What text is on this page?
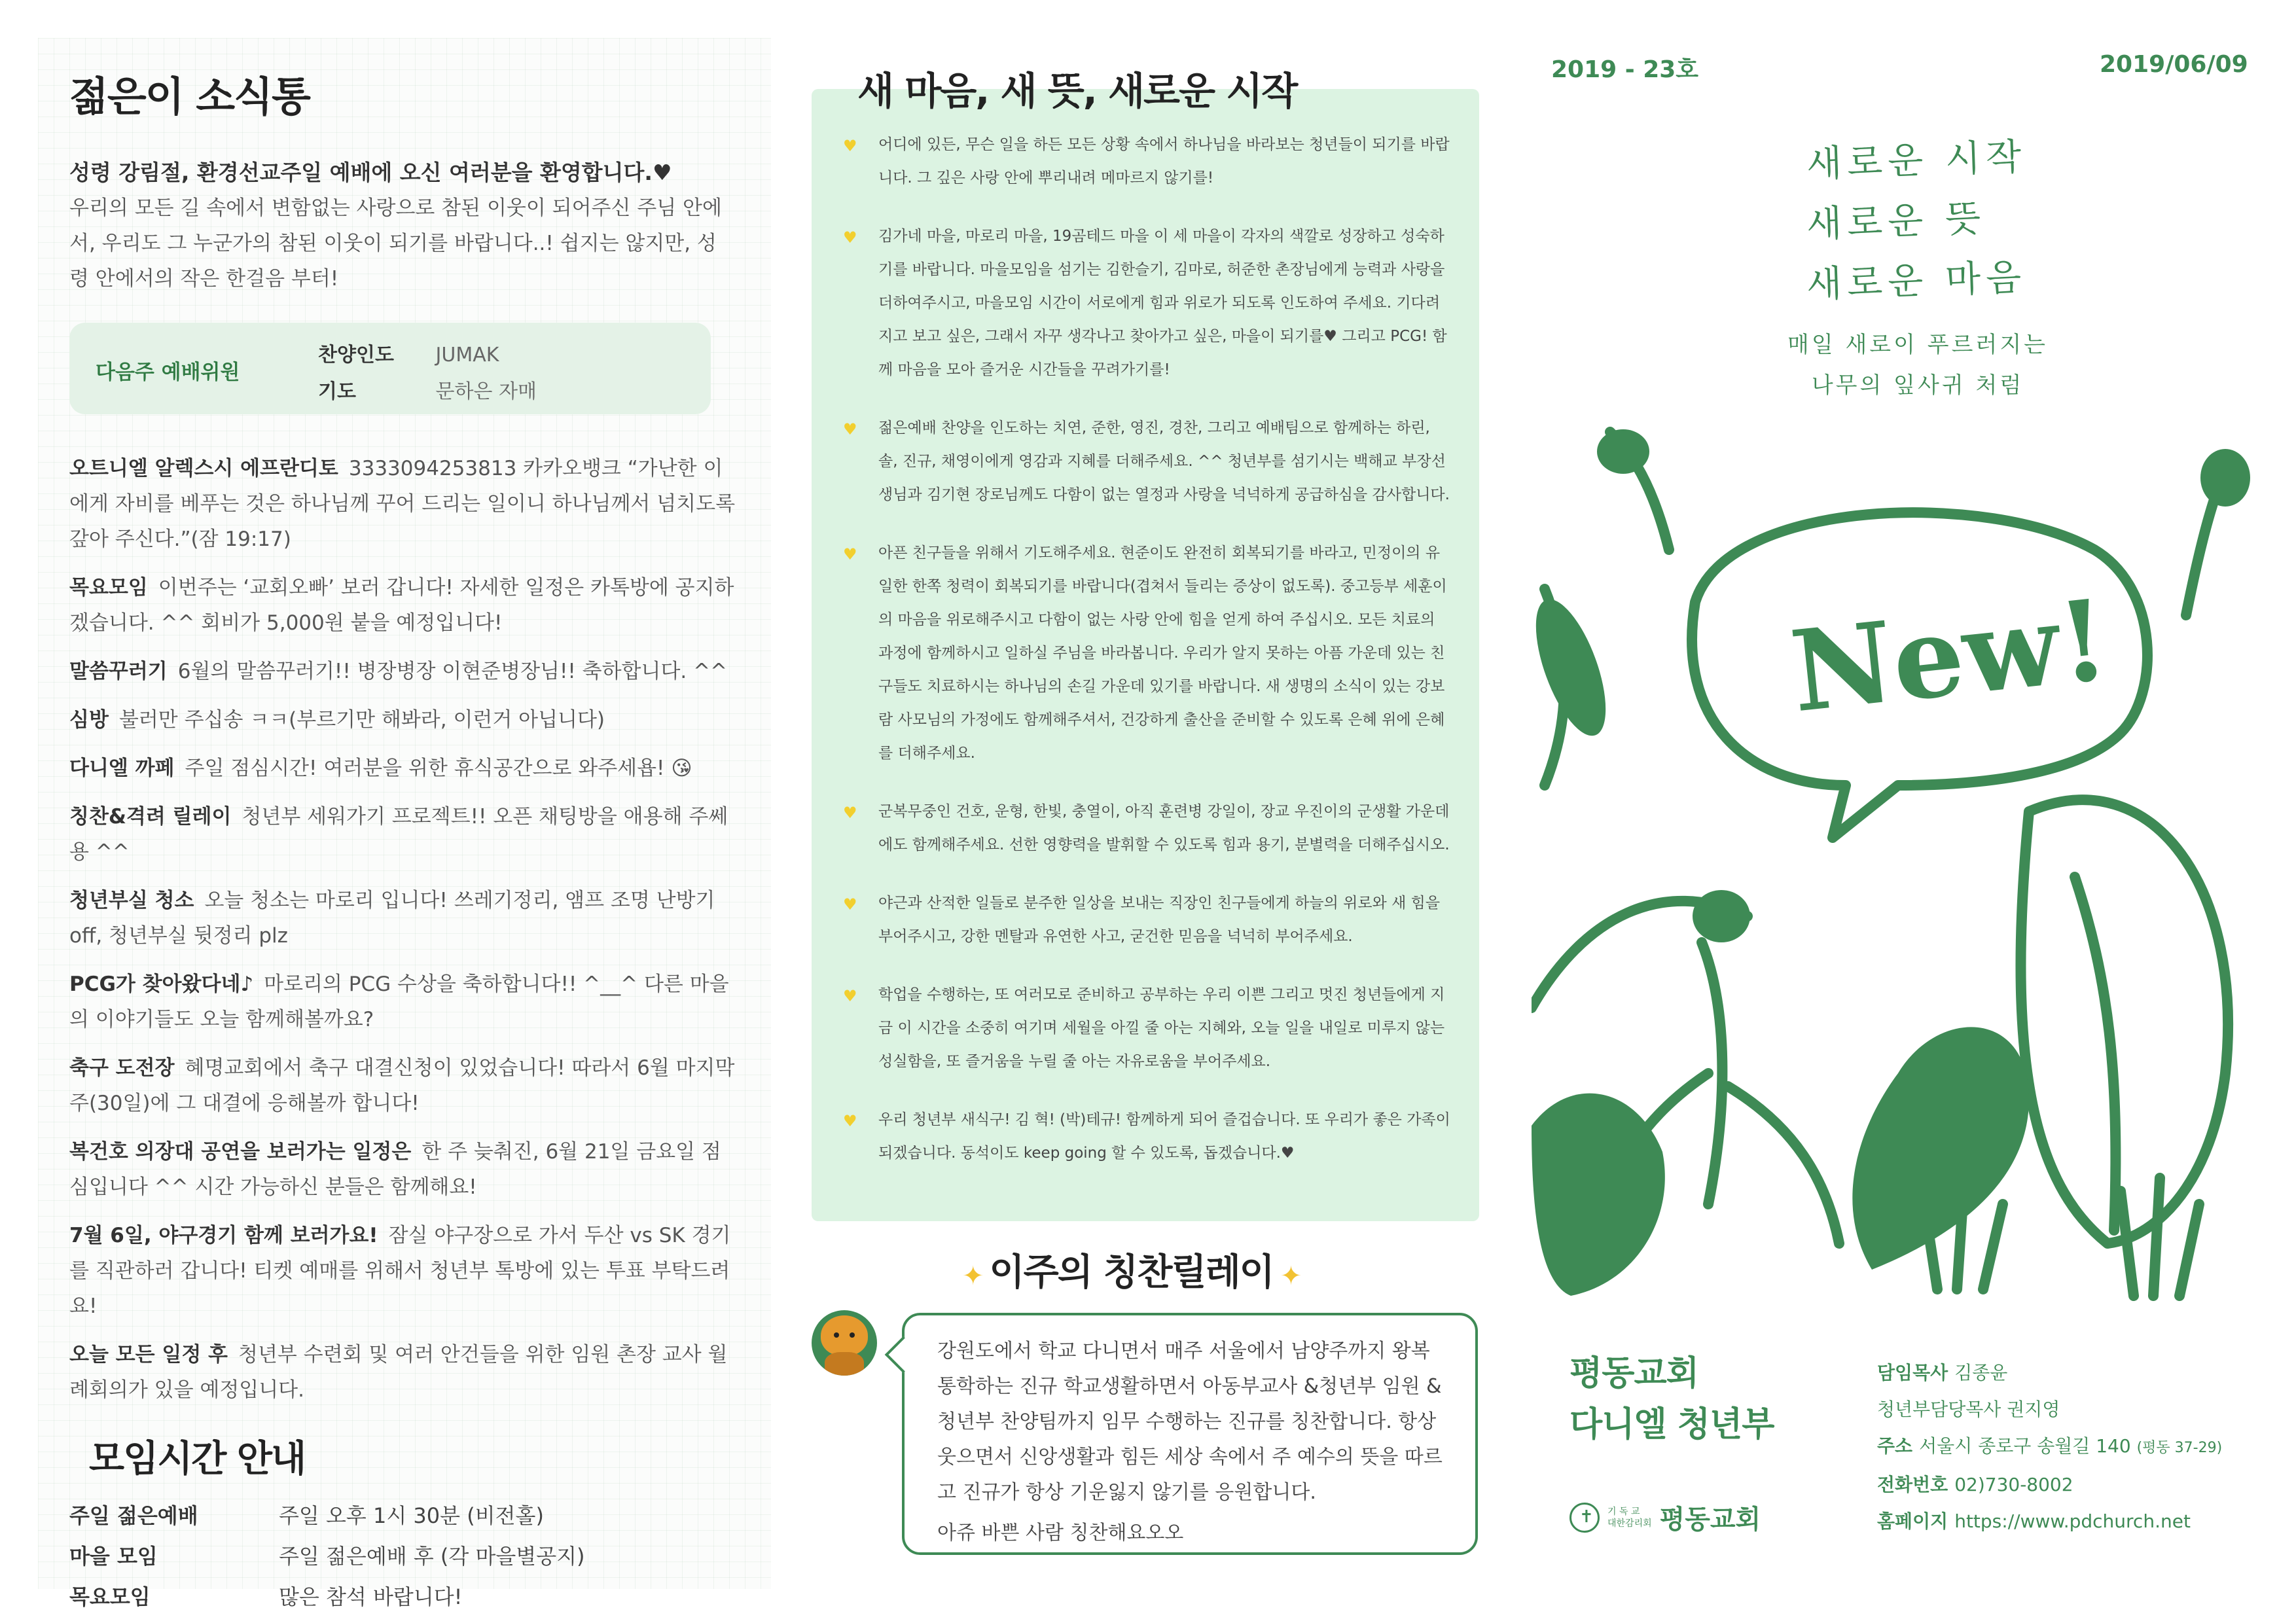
젊은이 소식통
성령 강림절, 환경선교주일 예배에 오신 여러분을 환영합니다.♥
우리의 모든 길 속에서 변함없는 사랑으로 참된 이웃이 되어주신 주님 안에서, 우리도 그 누군가의 참된 이웃이 되기를 바랍니다..! 쉽지는 않지만, 성령 안에서의 작은 한걸음 부터!
다음주 예배위원
찬양인도 JUMAK
기도	문하은 자매

오트니엘 알렉스시 에프란디토 3333094253813 카카오뱅크 “가난한 이에게 자비를 베푸는 것은 하나님께 꾸어 드리는 일이니 하나님께서 넘치도록 갚아 주신다.”(잠 19:17)

목요모임 이번주는 ‘교회오빠’ 보러 갑니다! 자세한 일정은 카톡방에 공지하겠습니다. ^^ 회비가 5,000원 붙을 예정입니다!

말씀꾸러기 6월의 말씀꾸러기!! 병장병장 이현준병장님!! 축하합니다. ^^

심방 불러만 주십송 ㅋㅋ(부르기만 해봐라, 이런거 아닙니다)

다니엘 까페 주일 점심시간! 여러분을 위한 휴식공간으로 와주세욥! 😘

칭찬&격려 릴레이 청년부 세워가기 프로젝트!! 오픈 채팅방을 애용해 주쎄용 ^^

청년부실 청소 오늘 청소는 마로리 입니다! 쓰레기정리, 앰프 조명 난방기 off, 청년부실 뒷정리 plz

PCG가 찾아왔다네♪ 마로리의 PCG 수상을 축하합니다!! ^__^ 다른 마을의 이야기들도 오늘 함께해볼까요?

축구 도전장 혜명교회에서 축구 대결신청이 있었습니다! 따라서 6월 마지막주(30일)에 그 대결에 응해볼까 합니다!

복건호 의장대 공연을 보러가는 일정은 한 주 늦춰진, 6월 21일 금요일 점심입니다 ^^ 시간 가능하신 분들은 함께해요!

7월 6일, 야구경기 함께 보러가요! 잠실 야구장으로 가서 두산 vs SK 경기를 직관하러 갑니다! 티켓 예매를 위해서 청년부 톡방에 있는 투표 부탁드려요!

오늘 모든 일정 후 청년부 수련회 및 여러 안건들을 위한 임원 촌장 교사 월례회의가 있을 예정입니다.

모임시간 안내
주일 젊은예배	주일 오후 1시 30분 (비전홀)
마을 모임	주일 젊은예배 후 (각 마을별공지)
목요모임	많은 참석 바랍니다!

♥ 어디에 있든, 무슨 일을 하든 모든 상황 속에서 하나님을 바라보는 청년들이 되기를 바랍니다. 그 깊은 사랑 안에 뿌리내려 메마르지 않기를!

♥ 김가네 마을, 마로리 마을, 19곰테드 마을 이 세 마을이 각자의 색깔로 성장하고 성숙하기를 바랍니다. 마을모임을 섬기는 김한슬기, 김마로, 허준한 촌장님에게 능력과 사랑을 더하여주시고, 마을모임 시간이 서로에게 힘과 위로가 되도록 인도하여 주세요. 기다려지고 보고 싶은, 그래서 자꾸 생각나고 찾아가고 싶은, 마을이 되기를♥ 그리고 PCG! 함께 마음을 모아 즐거운 시간들을 꾸려가기를!

♥ 젊은예배 찬양을 인도하는 치연, 준한, 영진, 경찬, 그리고 예배팀으로 함께하는 하린, 솔, 진규, 채영이에게 영감과 지혜를 더해주세요. ^^ 청년부를 섬기시는 백해교 부장선생님과 김기현 장로님께도 다함이 없는 열정과 사랑을 넉넉하게 공급하심을 감사합니다.

♥ 아픈 친구들을 위해서 기도해주세요. 현준이도 완전히 회복되기를 바라고, 민정이의 유일한 한쪽 청력이 회복되기를 바랍니다(겹쳐서 들리는 증상이 없도록). 중고등부 세훈이의 마음을 위로해주시고 다함이 없는 사랑 안에 힘을 얻게 하여 주십시오. 모든 치료의 과정에 함께하시고 일하실 주님을 바라봅니다. 우리가 알지 못하는 아픔 가운데 있는 친구들도 치료하시는 하나님의 손길 가운데 있기를 바랍니다. 새 생명의 소식이 있는 강보람 사모님의 가정에도 함께해주셔서, 건강하게 출산을 준비할 수 있도록 은혜 위에 은혜를 더해주세요.

♥ 군복무중인 건호, 운형, 한빛, 충열이, 아직 훈련병 강일이, 장교 우진이의 군생활 가운데에도 함께해주세요. 선한 영향력을 발휘할 수 있도록 힘과 용기, 분별력을 더해주십시오.

♥ 야근과 산적한 일들로 분주한 일상을 보내는 직장인 친구들에게 하늘의 위로와 새 힘을 부어주시고, 강한 멘탈과 유연한 사고, 굳건한 믿음을 넉넉히 부어주세요.

♥ 학업을 수행하는, 또 여러모로 준비하고 공부하는 우리 이쁜 그리고 멋진 청년들에게 지금 이 시간을 소중히 여기며 세월을 아낄 줄 아는 지혜와, 오늘 일을 내일로 미루지 않는 성실함을, 또 즐거움을 누릴 줄 아는 자유로움을 부어주세요.

♥ 우리 청년부 새식구! 김 혁! (박)테규! 함께하게 되어 즐겁습니다. 또 우리가 좋은 가족이 되겠습니다. 동석이도 keep going 할 수 있도록, 돕겠습니다.♥

새 마음, 새 뜻, 새로운 시작
✦ 이주의 칭찬릴레이 ✦

강원도에서 학교 다니면서 매주 서울에서 남양주까지 왕복 통학하는 진규 학교생활하면서 아동부교사 &청년부 임원 & 청년부 찬양팀까지 임무 수행하는 진규를 칭찬합니다. 항상 웃으면서 신앙생활과 힘든 세상 속에서 주 예수의 뜻을 따르고 진규가 항상 기운잃지 않기를 응원합니다.

아쥬 바쁜 사람 칭찬해요오오

2019 - 23호	2019/06/09
새로운 시작
새로운 뜻
새로운 마음
매일 새로이 푸르러지는
나무의 잎사귀 처럼
New!
평동교회
다니엘 청년부
✝
기 독 교
대한감리회 평동교회
담임목사 김종윤
청년부담당목사 권지영
주소 서울시 종로구 송월길 140 (평동 37-29)
전화번호 02)730-8002
홈페이지 https://www.pdchurch.net
